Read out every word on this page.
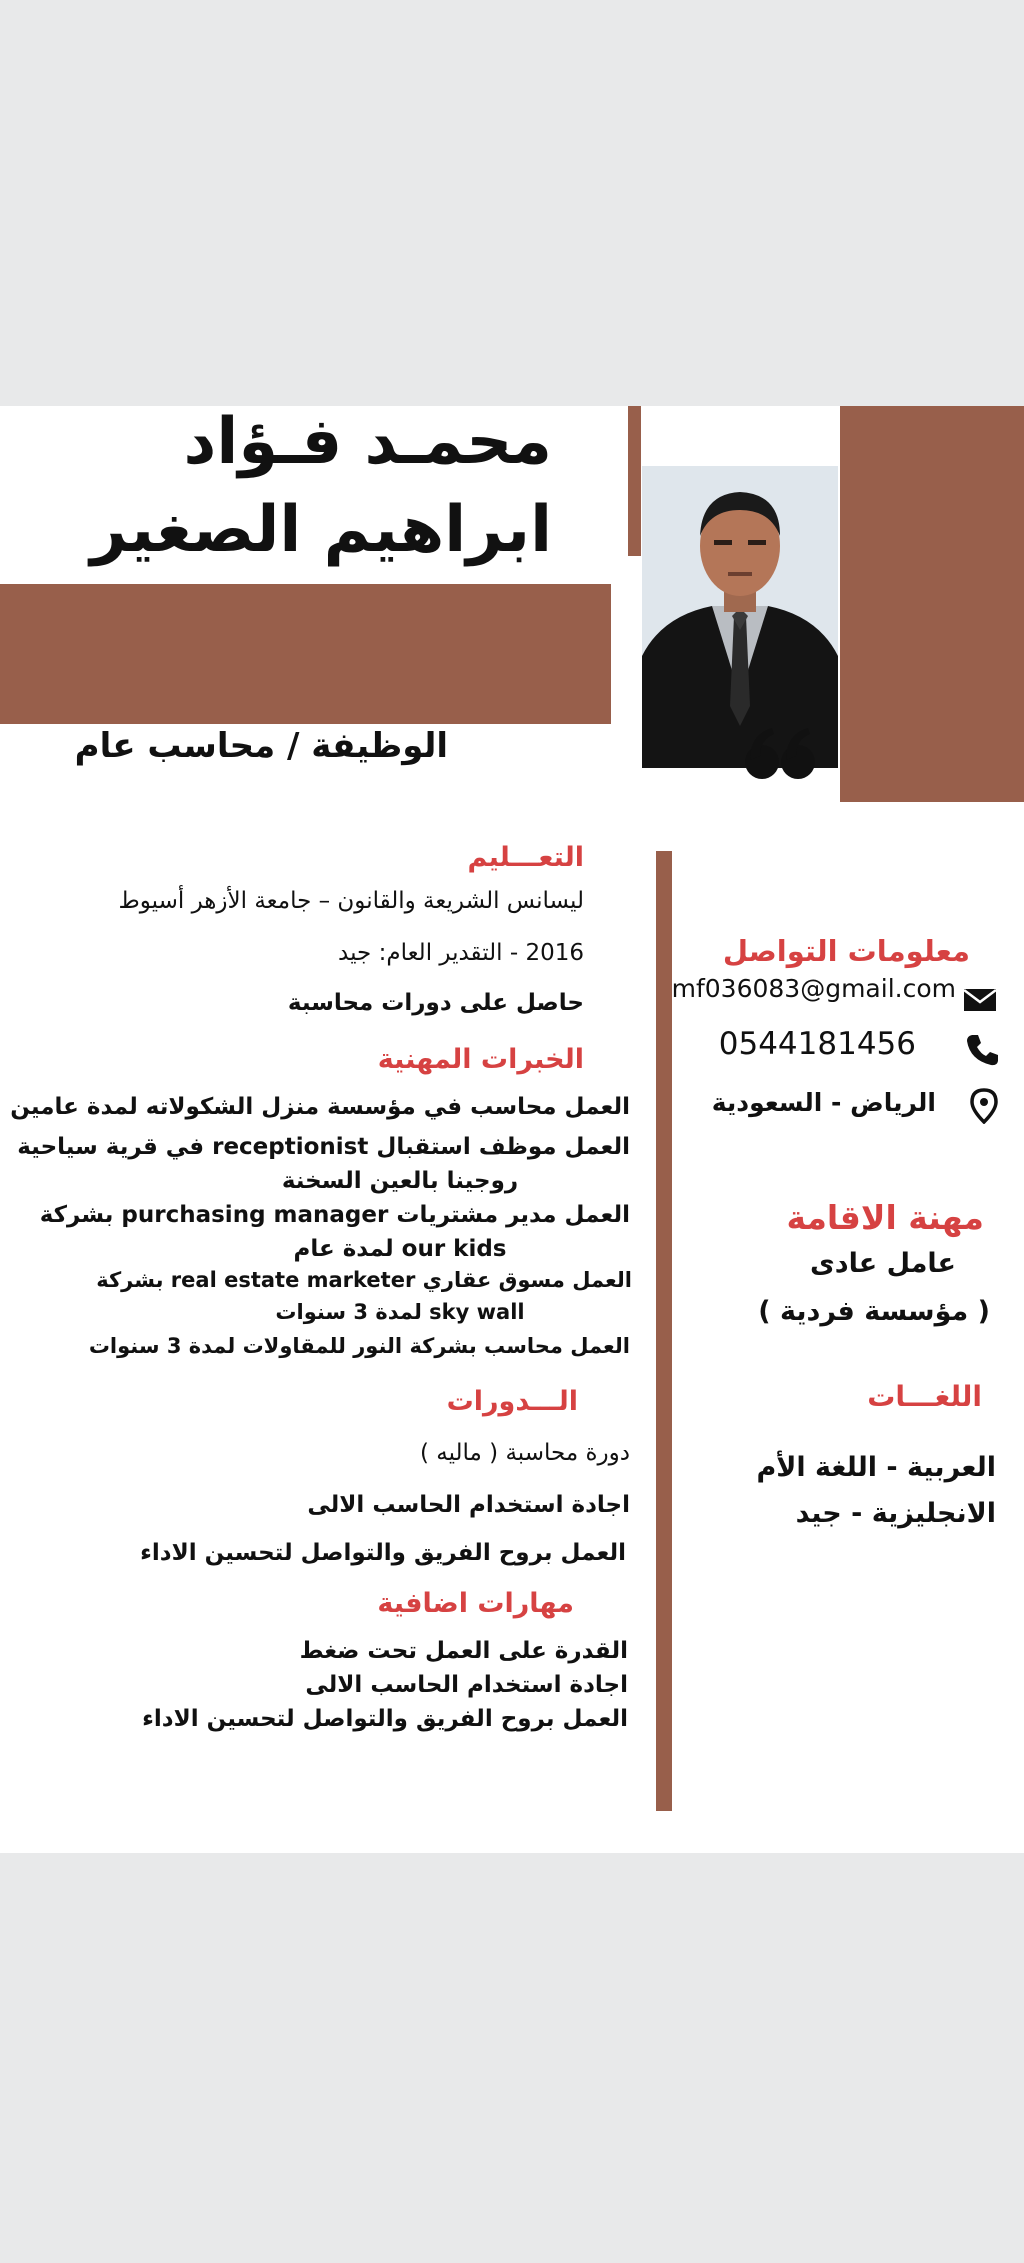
محمـد فـؤاد
ابراهيم الصغير
الوظيفة / محاسب عام
التعـــليم
ليسانس الشريعة والقانون – جامعة الأزهر أسيوط
2016 - التقدير العام: جيد
حاصل على دورات محاسبة
الخبرات المهنية
العمل محاسب في مؤسسة منزل الشكولاته لمدة عامين
العمل موظف استقبال receptionist في قرية سياحية
روجينا بالعين السخنة
العمل مدير مشتريات purchasing manager بشركة
our kids لمدة عام
العمل مسوق عقاري real estate marketer بشركة
sky wall لمدة 3 سنوات
العمل محاسب بشركة النور للمقاولات لمدة 3 سنوات
الـــدورات
دورة محاسبة ( ماليه )
اجادة استخدام الحاسب الالى
العمل بروح الفريق والتواصل لتحسين الاداء
مهارات اضافية
القدرة على العمل تحت ضغط
اجادة استخدام الحاسب الالى
العمل بروح الفريق والتواصل لتحسين الاداء
معلومات التواصل
mf036083@gmail.com
0544181456
الرياض - السعودية
مهنة الاقامة
عامل عادى
( مؤسسة فردية )
اللغـــات
العربية - اللغة الأم
الانجليزية - جيد
